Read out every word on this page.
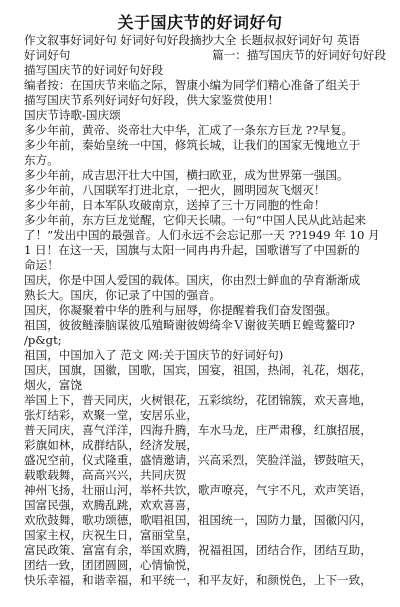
关于国庆节的好词好句
作文叙事好词好句 好词好句好段摘抄大全 长题叔叔好词好句 英语
好词好句	篇一：描写国庆节的好词好句好段
描写国庆节的好词好句好段
编者按：在国庆节来临之际，智康小编为同学们精心准备了组关于
描写国庆节系列好词好句好段，供大家鉴赏使用！
国庆节诗歌-国庆颂
多少年前，黄帝、炎帝壮大中华，汇成了一条东方巨龙 ??早复。
多少年前，秦始皇统一中国，修筑长城，让我们的国家无愧地立于
东方。
多少年前，成吉思汗壮大中国，横扫欧亚，成为世界第一强国。
多少年前，八国联军打进北京，一把火，圆明园灰飞烟灭！
多少年前，日本军队攻破南京，送掉了三十万同胞的性命！
多少年前，东方巨龙觉醒，它仰天长啸。一句“中国人民从此站起来
了！”发出中国的最强音。人们永远不会忘记那一天 ??1949 年 10 月
1 日！在这一天，国旗与太阳一同冉冉升起，国歌谱写了中国新的
命运！
国庆，你是中国人爱国的载体。国庆，你由烈士鲜血的孕育渐渐成
熟长大。国庆，你记录了中国的强音。
国庆，你凝聚着中华的胜利与屈辱，你提醒着我们奋发图强。
祖国，彼彼鲢溱脑谋彼瓜殖畸谢彼姆绮伞Ｖ谢彼芙晒Ｅ蝗莺鳌印?
/p&gt;
祖国，中国加入了 范文 网:关于国庆节的好词好句)
国庆，国旗，国徽，国歌，国宾，国宴，祖国，热闹，礼花，烟花，
烟火，富饶
举国上下，普天同庆，火树银花，五彩缤纷，花团锦簇，欢天喜地，
张灯结彩，欢聚一堂，安居乐业，
普天同庆，喜气洋洋，四海升腾，车水马龙，庄严肃穆，红旗招展，
彩旗如林，成群结队，经济发展，
盛况空前，仪式隆重，盛情邀请，兴高采烈，笑脸洋溢，锣鼓喧天，
载歌载舞，高高兴兴，共同庆贺
神州飞扬，壮丽山河，举杯共饮，歌声嘹亮，气宇不凡，欢声笑语，
国富民强，欢腾乱跳，欢欢喜喜，
欢欣鼓舞，歌功颂德，歌唱祖国，祖国统一，国防力量，国徽闪闪，
国家主权，庆祝生日，富丽堂皇，
富民政策、富富有余，举国欢腾，祝福祖国，团结合作，团结互助，
团结一致，团团圆圆，心情愉悦，
快乐幸福，和谐幸福，和平统一，和平友好，和颜悦色，上下一致，
